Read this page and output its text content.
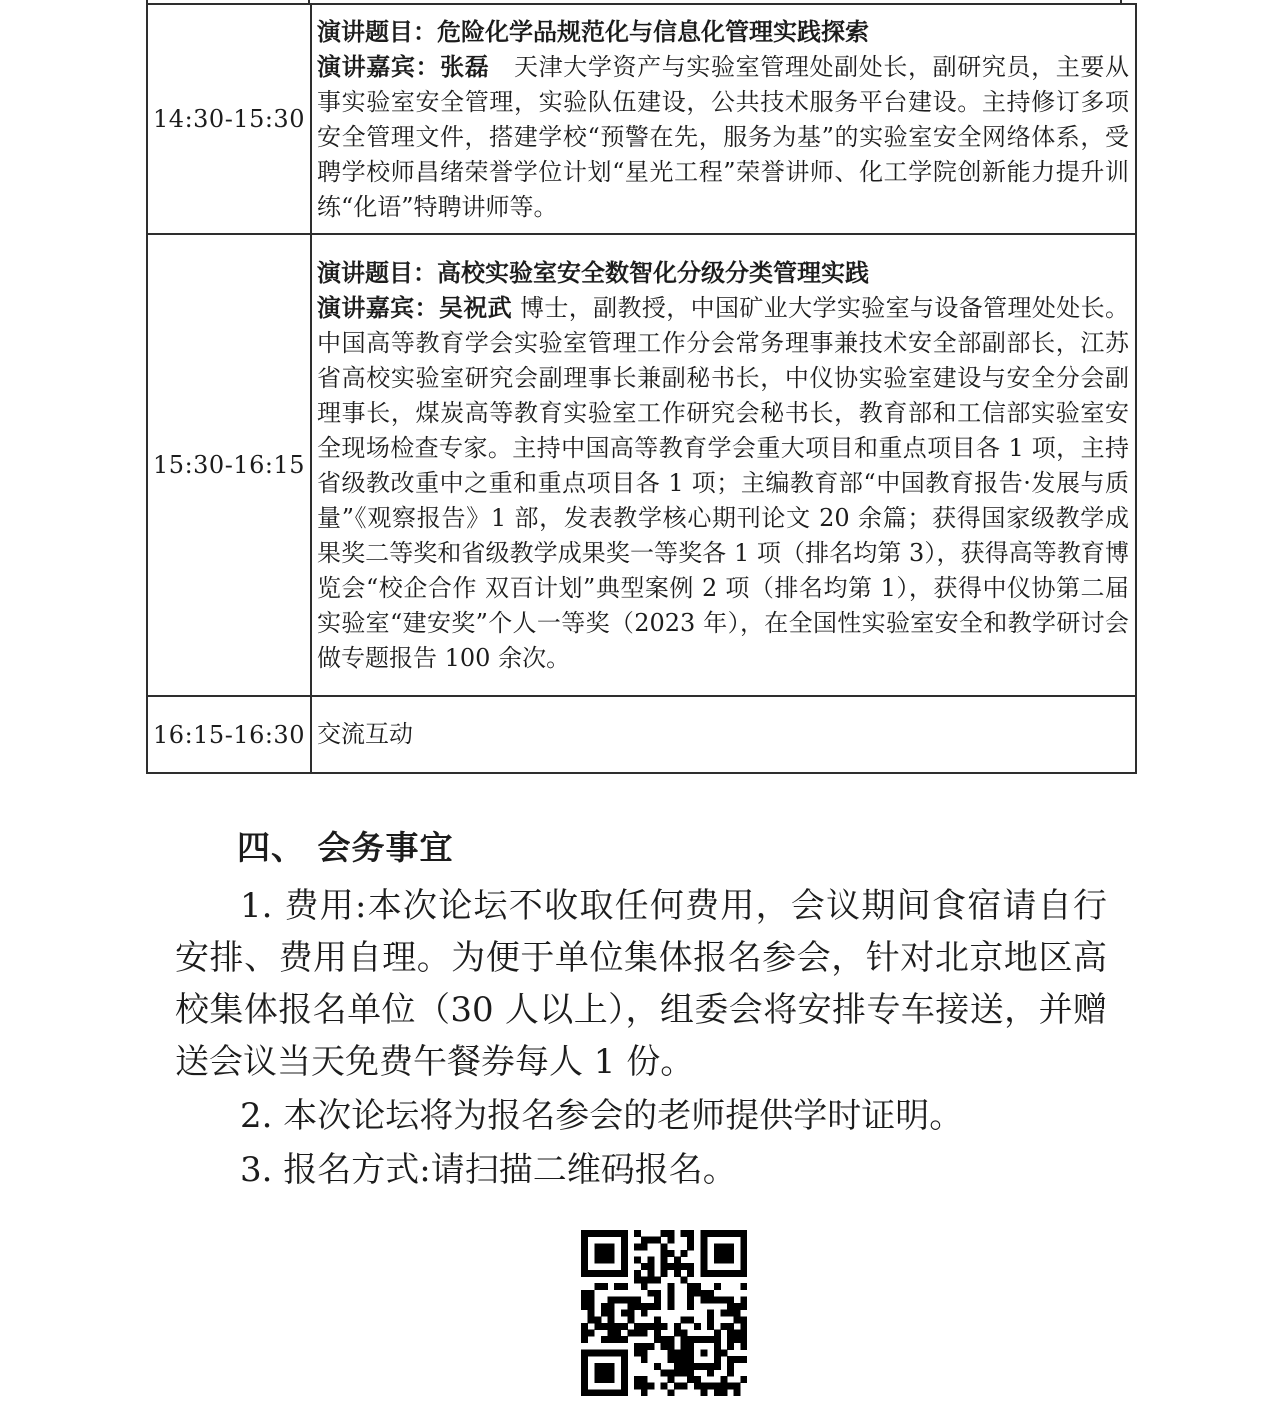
14:30-15:30	演讲题目：危险化学品规范化与信息化管理实践探索

演讲嘉宾：张磊　天津大学资产与实验室管理处副处长，副研究员，主要从事实验室安全管理，实验队伍建设，公共技术服务平台建设。主持修订多项安全管理文件，搭建学校“预警在先，服务为基”的实验室安全网络体系，受聘学校师昌绪荣誉学位计划“星光工程”荣誉讲师、化工学院创新能力提升训练“化语”特聘讲师等。

15:30-16:15	演讲题目：高校实验室安全数智化分级分类管理实践

演讲嘉宾：吴祝武 博士，副教授，中国矿业大学实验室与设备管理处处长。中国高等教育学会实验室管理工作分会常务理事兼技术安全部副部长，江苏省高校实验室研究会副理事长兼副秘书长，中仪协实验室建设与安全分会副理事长，煤炭高等教育实验室工作研究会秘书长，教育部和工信部实验室安全现场检查专家。主持中国高等教育学会重大项目和重点项目各 1 项，主持省级教改重中之重和重点项目各 1 项；主编教育部“中国教育报告·发展与质量”《观察报告》1 部，发表教学核心期刊论文 20 余篇；获得国家级教学成果奖二等奖和省级教学成果奖一等奖各 1 项（排名均第 3），获得高等教育博览会“校企合作 双百计划”典型案例 2 项（排名均第 1），获得中仪协第二届实验室“建安奖”个人一等奖（2023 年），在全国性实验室安全和教学研讨会做专题报告 100 余次。

16:15-16:30	交流互动
四、 会务事宜

1. 费用:本次论坛不收取任何费用，会议期间食宿请自行安排、费用自理。为便于单位集体报名参会，针对北京地区高校集体报名单位（30 人以上），组委会将安排专车接送，并赠送会议当天免费午餐券每人 1 份。

2. 本次论坛将为报名参会的老师提供学时证明。

3. 报名方式:请扫描二维码报名。
